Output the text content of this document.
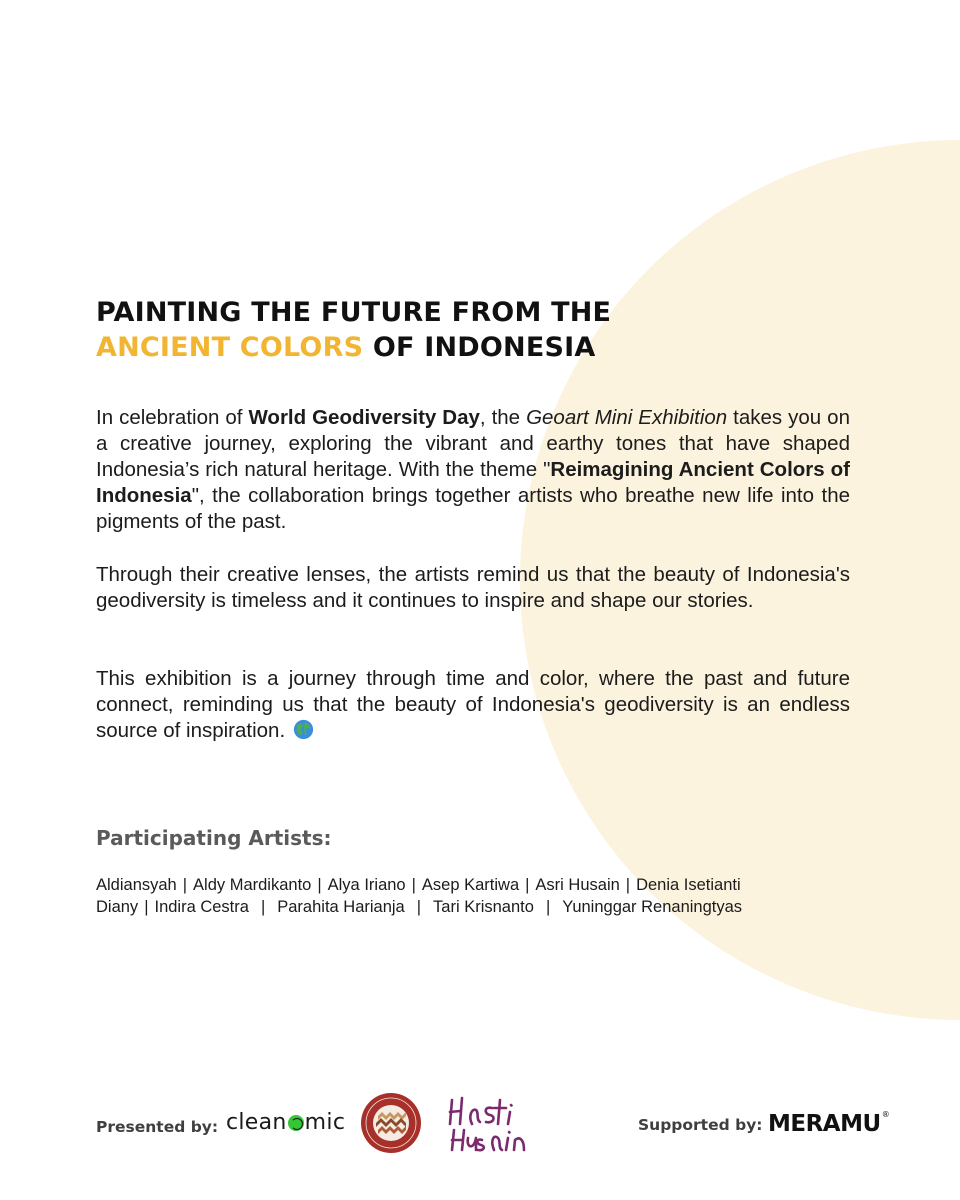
PAINTING THE FUTURE FROM THE
ANCIENT COLORS OF INDONESIA

In celebration of World Geodiversity Day, the Geoart Mini Exhibition takes you on a creative journey, exploring the vibrant and earthy tones that have shaped Indonesia’s rich natural heritage. With the theme "Reimagining Ancient Colors of Indonesia", the collaboration brings together artists who breathe new life into the pigments of the past.

Through their creative lenses, the artists remind us that the beauty of Indonesia's geodiversity is timeless and it continues to inspire and shape our stories.

This exhibition is a journey through time and color, where the past and future connect, reminding us that the beauty of Indonesia's geodiversity is an endless source of inspiration.

Participating Artists:
Aldiansyah | Aldy Mardikanto | Alya Iriano | Asep Kartiwa | Asri Husain | Denia Isetianti
Diany | Indira Cestra | Parahita Harianja | Tari Krisnanto | Yuninggar Renaningtyas
Presented by: clean mic	Supported by: MERAMU®
